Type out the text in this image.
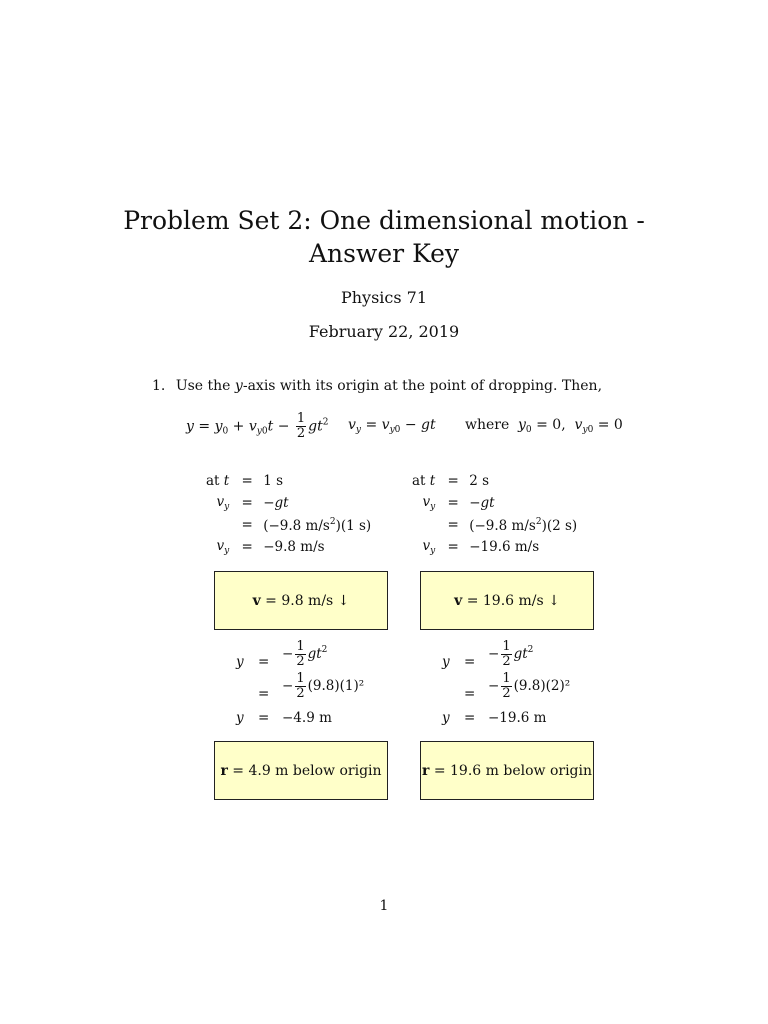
Problem Set 2: One dimensional motion -
Answer Key
Physics 71
February 22, 2019
1. Use the y-axis with its origin at the point of dropping. Then,
$y = y_0 + v_{y0}t - \frac{1}{2} gt^2$ $v_y = v_{y0}$ − gt where $y_0 = 0$,  $v_{y0} = 0$
at t	=	1 s
$v_y$	=	−gt
	=	(−9.8 $m/s^2)(1$ s)
$v_y$	=	−9.8 m/s
at t	=	2 s
$v_y$	=	−gt
	=	(−9.8 $m/s^2)(2$ s)
$v_y$	=	−19.6 m/s
v
= 9.8 m/s ↓	v
= 19.6 m/s ↓
y = − $\frac{1}{2} gt^2$
= − $\frac{1}{2} (9.8)(1)^2$
y = −4.9 m
y = − $\frac{1}{2} gt^2$
= − $\frac{1}{2} (9.8)(2)^2$
y = −19.6 m
r
= 4.9 m below origin	r
= 19.6 m below origin
1
